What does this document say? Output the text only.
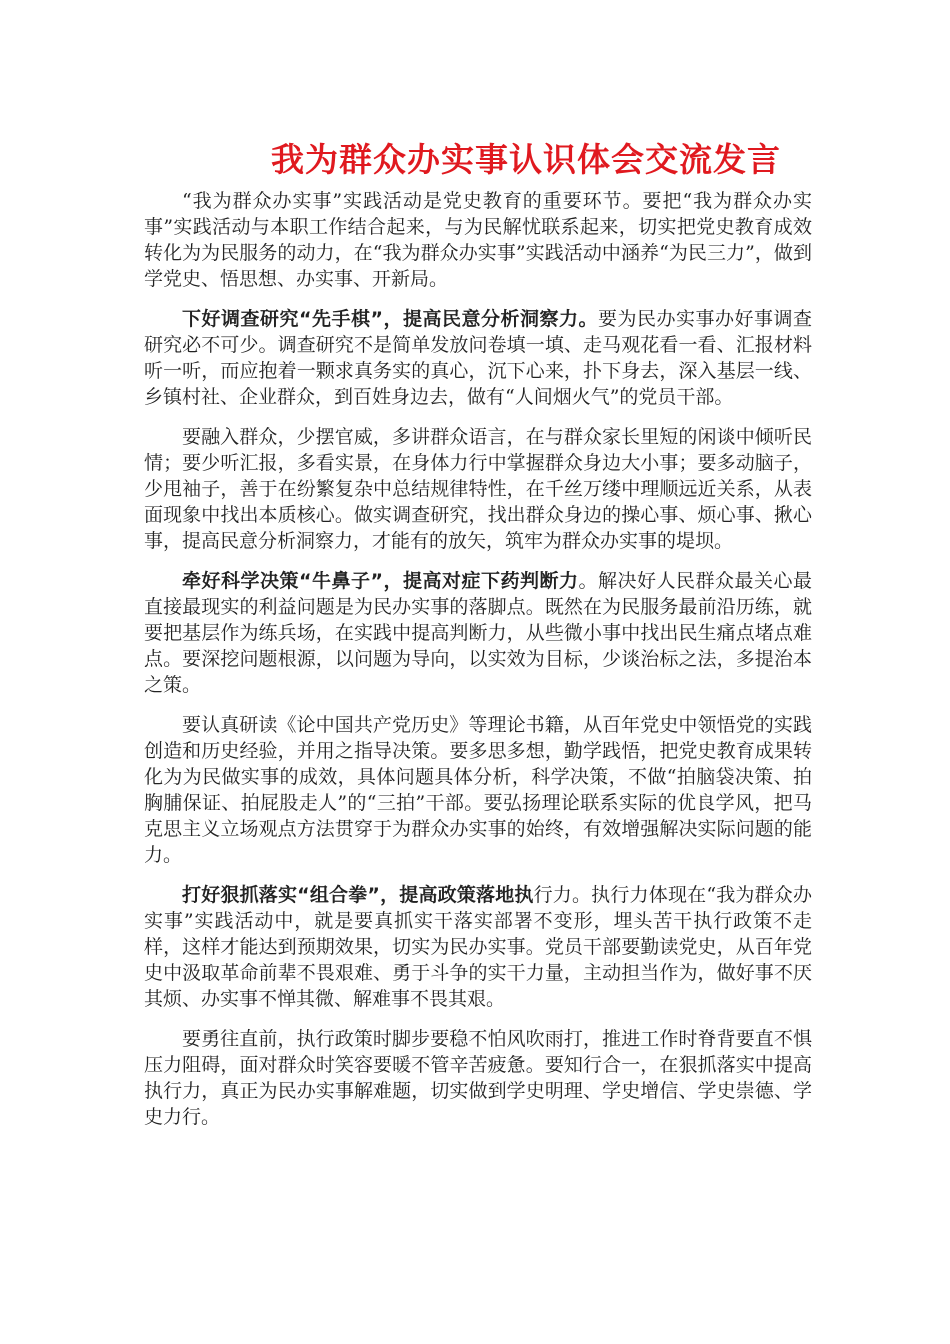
我为群众办实事认识体会交流发言

“我为群众办实事”实践活动是党史教育的重要环节。要把“我为群众办实事”实践活动与本职工作结合起来，与为民解忧联系起来，切实把党史教育成效转化为为民服务的动力，在“我为群众办实事”实践活动中涵养“为民三力”，做到学党史、悟思想、办实事、开新局。

下好调查研究“先手棋”，提高民意分析洞察力。要为民办实事办好事调查研究必不可少。调查研究不是简单发放问卷填一填、走马观花看一看、汇报材料听一听，而应抱着一颗求真务实的真心，沉下心来，扑下身去，深入基层一线、乡镇村社、企业群众，到百姓身边去，做有“人间烟火气”的党员干部。

要融入群众，少摆官威，多讲群众语言，在与群众家长里短的闲谈中倾听民情；要少听汇报，多看实景，在身体力行中掌握群众身边大小事；要多动脑子，少甩袖子，善于在纷繁复杂中总结规律特性，在千丝万缕中理顺远近关系，从表面现象中找出本质核心。做实调查研究，找出群众身边的操心事、烦心事、揪心事，提高民意分析洞察力，才能有的放矢，筑牢为群众办实事的堤坝。

牵好科学决策“牛鼻子”，提高对症下药判断力。解决好人民群众最关心最直接最现实的利益问题是为民办实事的落脚点。既然在为民服务最前沿历练，就要把基层作为练兵场，在实践中提高判断力，从些微小事中找出民生痛点堵点难点。要深挖问题根源，以问题为导向，以实效为目标，少谈治标之法，多提治本之策。

要认真研读《论中国共产党历史》等理论书籍，从百年党史中领悟党的实践创造和历史经验，并用之指导决策。要多思多想，勤学践悟，把党史教育成果转化为为民做实事的成效，具体问题具体分析，科学决策，不做“拍脑袋决策、拍胸脯保证、拍屁股走人”的“三拍”干部。要弘扬理论联系实际的优良学风，把马克思主义立场观点方法贯穿于为群众办实事的始终，有效增强解决实际问题的能力。

打好狠抓落实“组合拳”，提高政策落地执行力。执行力体现在“我为群众办实事”实践活动中，就是要真抓实干落实部署不变形，埋头苦干执行政策不走样，这样才能达到预期效果，切实为民办实事。党员干部要勤读党史，从百年党史中汲取革命前辈不畏艰难、勇于斗争的实干力量，主动担当作为，做好事不厌其烦、办实事不惮其微、解难事不畏其艰。

要勇往直前，执行政策时脚步要稳不怕风吹雨打，推进工作时脊背要直不惧压力阻碍，面对群众时笑容要暖不管辛苦疲惫。要知行合一，在狠抓落实中提高执行力，真正为民办实事解难题，切实做到学史明理、学史增信、学史崇德、学史力行。
